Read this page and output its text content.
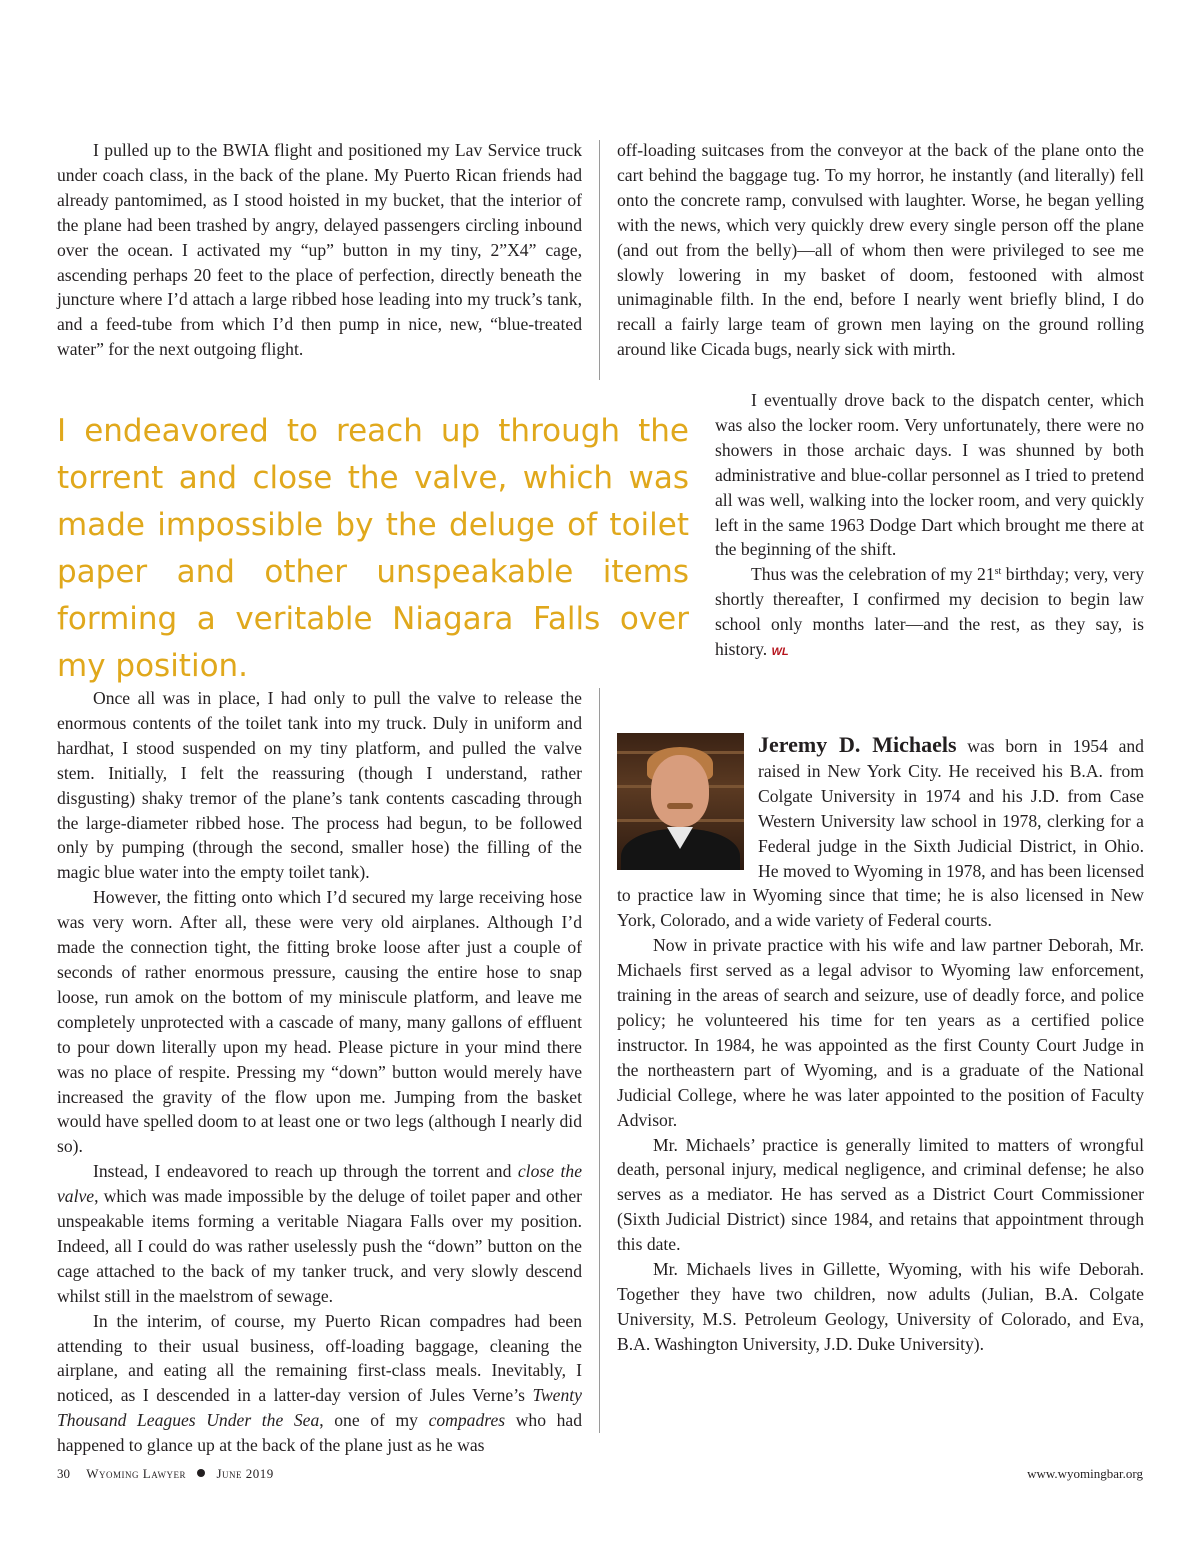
I pulled up to the BWIA flight and positioned my Lav Service truck under coach class, in the back of the plane. My Puerto Rican friends had already pantomimed, as I stood hoisted in my bucket, that the interior of the plane had been trashed by angry, delayed passengers circling inbound over the ocean. I activated my “up” button in my tiny, 2”X4” cage, ascending perhaps 20 feet to the place of perfection, directly beneath the juncture where I’d attach a large ribbed hose leading into my truck’s tank, and a feed-tube from which I’d then pump in nice, new, “blue-treated water” for the next outgoing flight.

I endeavored to reach up through the torrent and close the valve, which was made impossible by the deluge of toilet paper and other unspeakable items forming a veritable Niagara Falls over my position.

Once all was in place, I had only to pull the valve to release the enormous contents of the toilet tank into my truck. Duly in uniform and hardhat, I stood suspended on my tiny platform, and pulled the valve stem. Initially, I felt the reassuring (though I understand, rather disgusting) shaky tremor of the plane’s tank contents cascading through the large-diameter ribbed hose. The process had begun, to be followed only by pumping (through the second, smaller hose) the filling of the magic blue water into the empty toilet tank).

However, the fitting onto which I’d secured my large receiving hose was very worn. After all, these were very old airplanes. Although I’d made the connection tight, the fitting broke loose after just a couple of seconds of rather enormous pressure, causing the entire hose to snap loose, run amok on the bottom of my miniscule platform, and leave me completely unprotected with a cascade of many, many gallons of effluent to pour down literally upon my head. Please picture in your mind there was no place of respite. Pressing my “down” button would merely have increased the gravity of the flow upon me. Jumping from the basket would have spelled doom to at least one or two legs (although I nearly did so).

Instead, I endeavored to reach up through the torrent and close the valve, which was made impossible by the deluge of toilet paper and other unspeakable items forming a veritable Niagara Falls over my position. Indeed, all I could do was rather uselessly push the “down” button on the cage attached to the back of my tanker truck, and very slowly descend whilst still in the maelstrom of sewage.

In the interim, of course, my Puerto Rican compadres had been attending to their usual business, off-loading baggage, cleaning the airplane, and eating all the remaining first-class meals. Inevitably, I noticed, as I descended in a latter-day version of Jules Verne’s Twenty Thousand Leagues Under the Sea, one of my compadres who had happened to glance up at the back of the plane just as he was

off-loading suitcases from the conveyor at the back of the plane onto the cart behind the baggage tug. To my horror, he instantly (and literally) fell onto the concrete ramp, convulsed with laughter. Worse, he began yelling with the news, which very quickly drew every single person off the plane (and out from the belly)—all of whom then were privileged to see me slowly lowering in my basket of doom, festooned with almost unimaginable filth. In the end, before I nearly went briefly blind, I do recall a fairly large team of grown men laying on the ground rolling around like Cicada bugs, nearly sick with mirth.

I eventually drove back to the dispatch center, which was also the locker room. Very unfortunately, there were no showers in those archaic days. I was shunned by both administrative and blue-collar personnel as I tried to pretend all was well, walking into the locker room, and very quickly left in the same 1963 Dodge Dart which brought me there at the beginning of the shift.

Thus was the celebration of my 21st birthday; very, very shortly thereafter, I confirmed my decision to begin law school only months later—and the rest, as they say, is history. WL

Jeremy D. Michaels was born in 1954 and raised in New York City. He received his B.A. from Colgate University in 1974 and his J.D. from Case Western University law school in 1978, clerking for a Federal judge in the Sixth Judicial District, in Ohio. He moved to Wyoming in 1978, and has been licensed to practice law in Wyoming since that time; he is also licensed in New York, Colorado, and a wide variety of Federal courts.

Now in private practice with his wife and law partner Deborah, Mr. Michaels first served as a legal advisor to Wyoming law enforcement, training in the areas of search and seizure, use of deadly force, and police policy; he volunteered his time for ten years as a certified police instructor. In 1984, he was appointed as the first County Court Judge in the northeastern part of Wyoming, and is a graduate of the National Judicial College, where he was later appointed to the position of Faculty Advisor.

Mr. Michaels’ practice is generally limited to matters of wrongful death, personal injury, medical negligence, and criminal defense; he also serves as a mediator. He has served as a District Court Commissioner (Sixth Judicial District) since 1984, and retains that appointment through this date.

Mr. Michaels lives in Gillette, Wyoming, with his wife Deborah. Together they have two children, now adults (Julian, B.A. Colgate University, M.S. Petroleum Geology, University of Colorado, and Eva, B.A. Washington University, J.D. Duke University).

30 Wyoming Lawyer June 2019	www.wyomingbar.org
